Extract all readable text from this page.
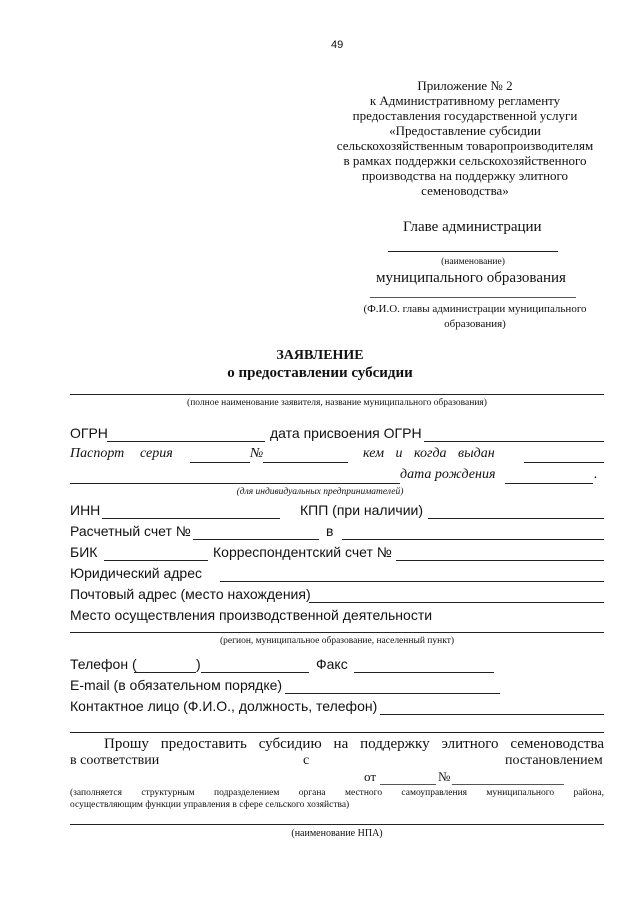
49
Приложение № 2
к Административному регламенту
предоставления государственной услуги
«Предоставление субсидии
сельскохозяйственным товаропроизводителям
в рамках поддержки сельскохозяйственного
производства на поддержку элитного
семеноводства»
Главе администрации
(наименование)
муниципального образования
(Ф.И.О. главы администрации муниципального
образования)
ЗАЯВЛЕНИЕ
о предоставлении субсидии
(полное наименование заявителя, название муниципального образования)
ОГРН	дата присвоения ОГРН
Паспорт серия	№	кем и когда выдан
дата рождения	.
(для индивидуальных предпринимателей)
ИНН	КПП (при наличии)
Расчетный счет №	в
БИК	Корреспондентский счет №
Юридический адрес
Почтовый адрес (место нахождения)
Место осуществления производственной деятельности
(регион, муниципальное образование, населенный пункт)
Телефон (	)	Факс
E-mail (в обязательном порядке)
Контактное лицо (Ф.И.О., должность, телефон)
Прошу предоставить субсидию на поддержку элитного семеноводства
в соответствии	с	постановлением
от	№
(заполняется структурным подразделением органа местного самоуправления муниципального района,
осуществляющим функции управления в сфере сельского хозяйства)
(наименование НПА)
